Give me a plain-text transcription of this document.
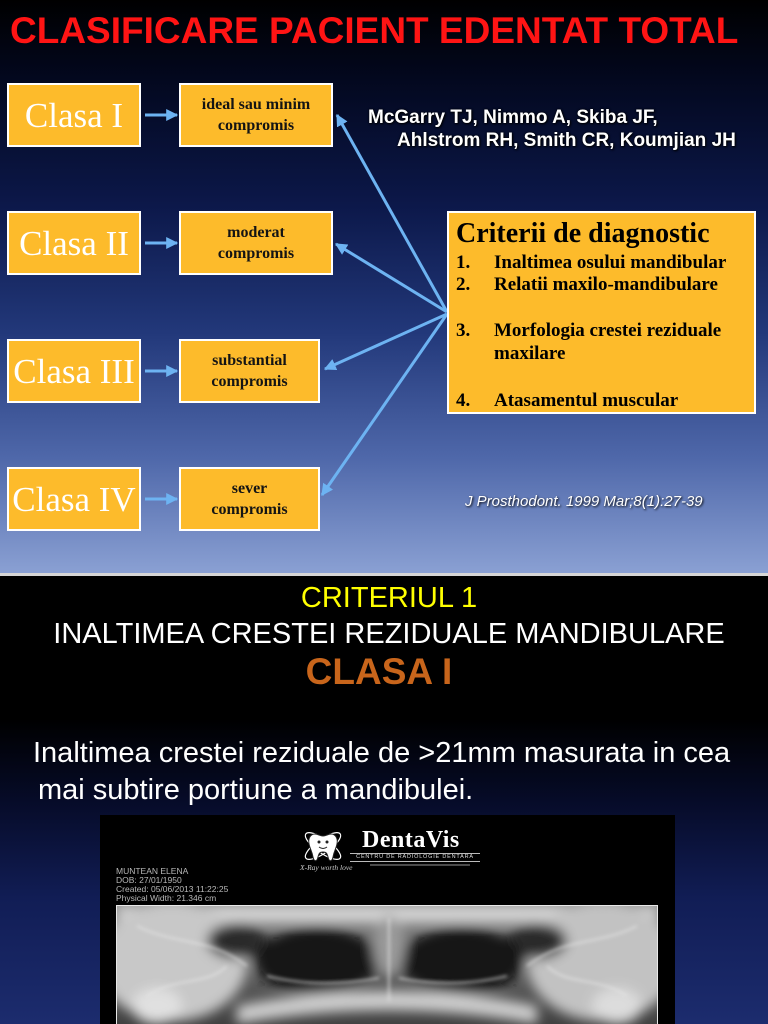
CLASIFICARE PACIENT EDENTAT TOTAL
Clasa I
Clasa II
Clasa III
Clasa IV
ideal sau minim
compromis
moderat
compromis
substantial
compromis
sever
compromis
McGarry TJ, Nimmo A, Skiba JF,
Ahlstrom RH, Smith CR, Koumjian JH
Criterii de diagnostic
1. Inaltimea osului mandibular
2. Relatii maxilo-mandibulare
3. Morfologia crestei reziduale maxilare
4. Atasamentul muscular
J Prosthodont. 1999 Mar;8(1):27-39
CRITERIUL 1
INALTIMEA CRESTEI REZIDUALE MANDIBULARE
CLASA I
Inaltimea crestei reziduale de >21mm masurata in cea
mai subtire portiune a mandibulei.
DentaVis
CENTRU DE RADIOLOGIE DENTARA
X-Ray worth love
MUNTEAN ELENA
DOB: 27/01/1950
Created: 05/06/2013 11:22:25
Physical Width: 21.346 cm
